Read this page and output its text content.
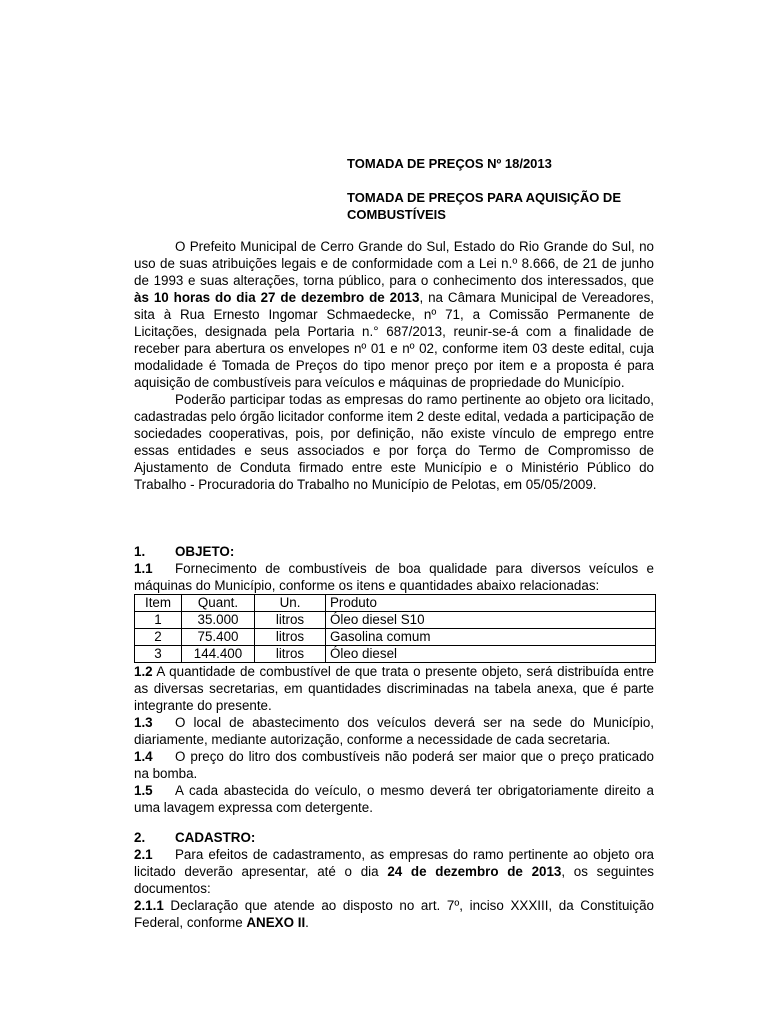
TOMADA DE PREÇOS Nº 18/2013

TOMADA DE PREÇOS PARA AQUISIÇÃO DE COMBUSTÍVEIS

O Prefeito Municipal de Cerro Grande do Sul, Estado do Rio Grande do Sul, no uso de suas atribuições legais e de conformidade com a Lei n.º 8.666, de 21 de junho de 1993 e suas alterações, torna público, para o conhecimento dos interessados, que às 10 horas do dia 27 de dezembro de 2013, na Câmara Municipal de Vereadores, sita à Rua Ernesto Ingomar Schmaedecke, nº 71, a Comissão Permanente de Licitações, designada pela Portaria n.° 687/2013, reunir-se-á com a finalidade de receber para abertura os envelopes nº 01 e nº 02, conforme item 03 deste edital, cuja modalidade é Tomada de Preços do tipo menor preço por item e a proposta é para aquisição de combustíveis para veículos e máquinas de propriedade do Município.

Poderão participar todas as empresas do ramo pertinente ao objeto ora licitado, cadastradas pelo órgão licitador conforme item 2 deste edital, vedada a participação de sociedades cooperativas, pois, por definição, não existe vínculo de emprego entre essas entidades e seus associados e por força do Termo de Compromisso de Ajustamento de Conduta firmado entre este Município e o Ministério Público do Trabalho - Procuradoria do Trabalho no Município de Pelotas, em 05/05/2009.

1. OBJETO:

1.1 Fornecimento de combustíveis de boa qualidade para diversos veículos e máquinas do Município, conforme os itens e quantidades abaixo relacionadas:

Item	Quant.	Un.	Produto
1	35.000	litros	Óleo diesel S10
2	75.400	litros	Gasolina comum
3	144.400	litros	Óleo diesel

1.2 A quantidade de combustível de que trata o presente objeto, será distribuída entre as diversas secretarias, em quantidades discriminadas na tabela anexa, que é parte integrante do presente.

1.3 O local de abastecimento dos veículos deverá ser na sede do Município, diariamente, mediante autorização, conforme a necessidade de cada secretaria.

1.4 O preço do litro dos combustíveis não poderá ser maior que o preço praticado na bomba.

1.5 A cada abastecida do veículo, o mesmo deverá ter obrigatoriamente direito a uma lavagem expressa com detergente.

2. CADASTRO:

2.1 Para efeitos de cadastramento, as empresas do ramo pertinente ao objeto ora licitado deverão apresentar, até o dia 24 de dezembro de 2013, os seguintes documentos:

2.1.1 Declaração que atende ao disposto no art. 7º, inciso XXXIII, da Constituição Federal, conforme ANEXO II.
